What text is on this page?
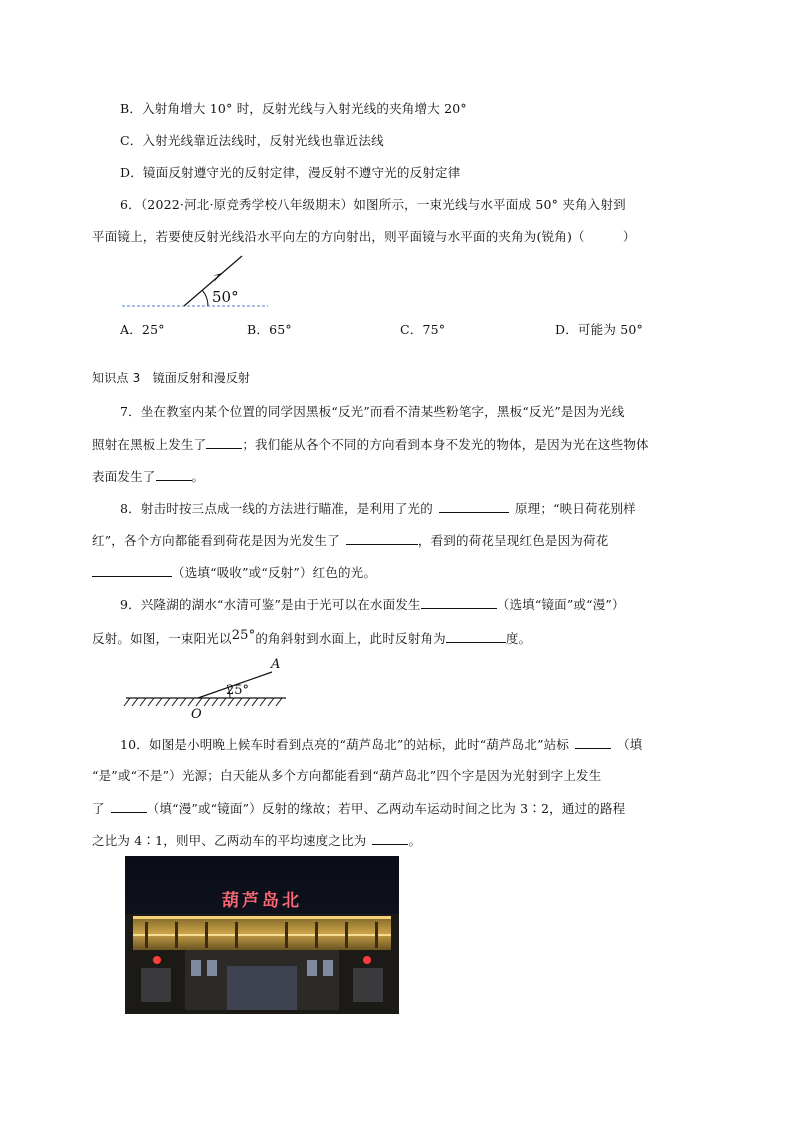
B．入射角增大 10° 时，反射光线与入射光线的夹角增大 20°
C．入射光线靠近法线时，反射光线也靠近法线
D．镜面反射遵守光的反射定律，漫反射不遵守光的反射定律
6．（2022·河北·原竞秀学校八年级期末）如图所示，一束光线与水平面成 50° 夹角入射到
平面镜上，若要使反射光线沿水平向左的方向射出，则平面镜与水平面的夹角为(锐角)（　　　）
50°
A．25°	B．65°	C．75°	D．可能为 50°
知识点 3　镜面反射和漫反射
7．坐在教室内某个位置的同学因黑板“反光”而看不清某些粉笔字，黑板“反光”是因为光线
照射在黑板上发生了	；我们能从各个不同的方向看到本身不发光的物体，是因为光在这些物体
表面发生了	。
8．射击时按三点成一线的方法进行瞄准，是利用了光的	原理；“映日荷花别样
红”，各个方向都能看到荷花是因为光发生了	，看到的荷花呈现红色是因为荷花
（选填“吸收”或“反射”）红色的光。
9．兴隆湖的湖水“水清可鉴”是由于光可以在水面发生	（选填“镜面”或“漫”）
反射。如图，一束阳光以25°的角斜射到水面上，此时反射角为	度。
25°
A
O
10．如图是小明晚上候车时看到点亮的“葫芦岛北”的站标，此时“葫芦岛北”站标	（填
“是”或“不是”）光源；白天能从多个方向都能看到“葫芦岛北”四个字是因为光射到字上发生
了	（填“漫”或“镜面”）反射的缘故；若甲、乙两动车运动时间之比为 3∶2，通过的路程
之比为 4∶1，则甲、乙两动车的平均速度之比为	。
葫芦岛北
